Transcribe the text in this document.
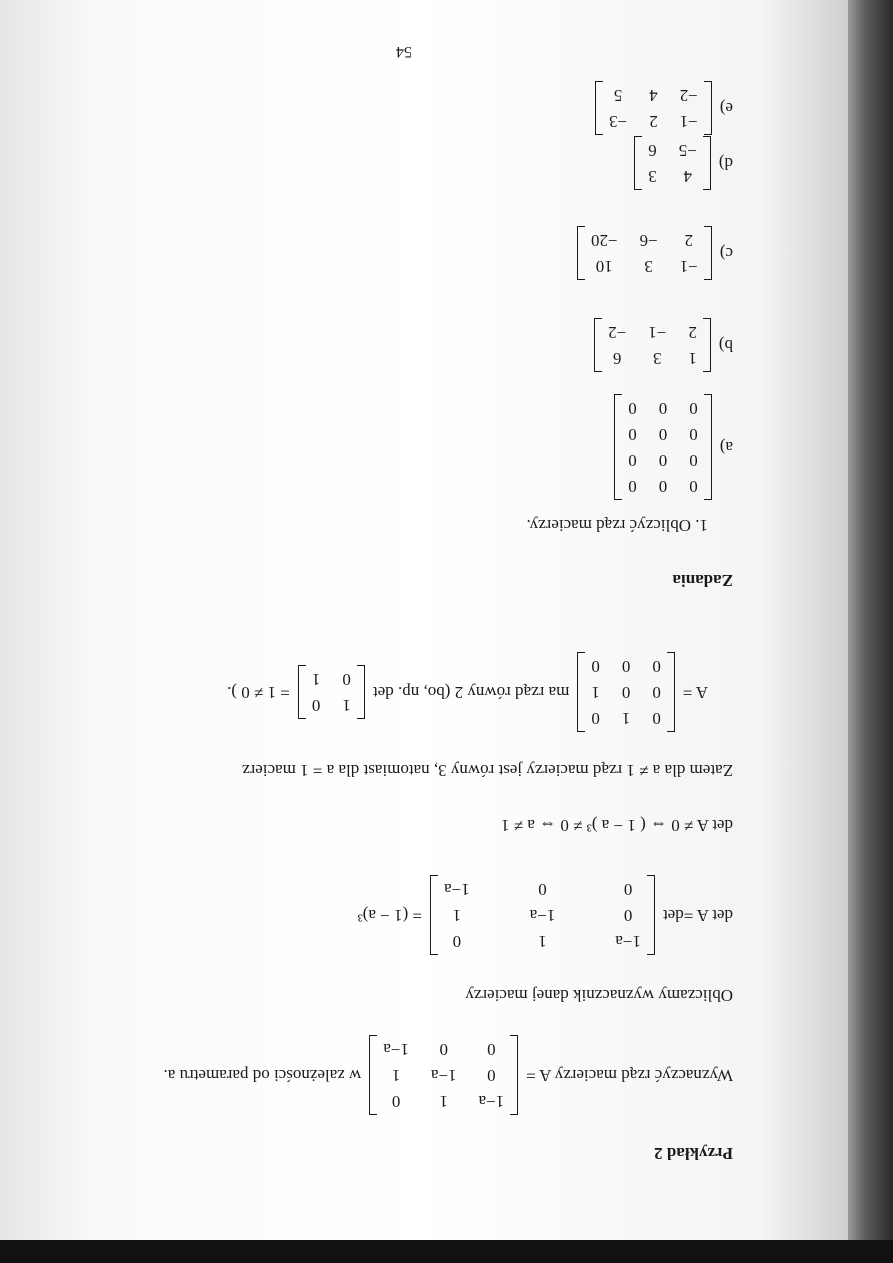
Przykład 2
Wyznaczyć rząd macierzy A =
1−a
1
0
0
1−a
1
0
0
1−a
w zależności od parametru a.
Obliczamy wyznacznik danej macierzy
det A =det
1−a
1
0
0
1−a
1
0
0
1−a
= (1 − a)³
det A ≠ 0 ⇔ ( 1 − a )³ ≠ 0 ⇔ a ≠ 1
Zatem dla a ≠ 1 rząd macierzy jest równy 3, natomiast dla a = 1 macierz
A =
0
1
0
0
0
1
0
0
0
ma rząd równy 2 (bo, np. det
1
0
0
1
= 1 ≠ 0 ).
Zadania
1. Obliczyć rząd macierzy.
a)
0
0
0
0
0
0
0
0
0
0
0
0
b)
1
3
6
2
−1
−2
c)
−1
3
10
2
−6
−20
d)
4
3
−5
6
e)
−1
2
−3
−2
4
5
54
